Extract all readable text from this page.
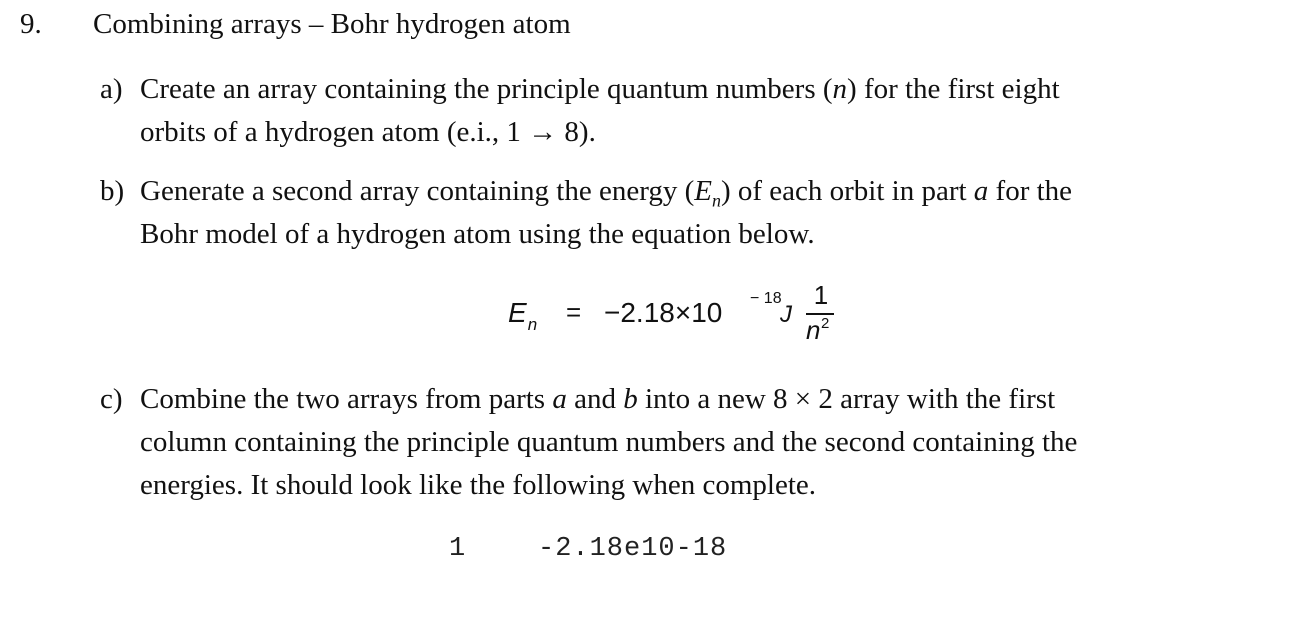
9. Combining arrays – Bohr hydrogen atom
a) Create an array containing the principle quantum numbers (n) for the first eight
orbits of a hydrogen atom (e.i., 1 → 8).
b) Generate a second array containing the energy $(E_n)$ of each orbit in part a for the
Bohr model of a hydrogen atom using the equation below.
$E_n = -2.18\times 10 - 18$
J
1
n 2
c) Combine the two arrays from parts a and b into a new 8 × 2 array with the first
column containing the principle quantum numbers and the second containing the
energies. It should look like the following when complete.
1	-2.18e10-18
